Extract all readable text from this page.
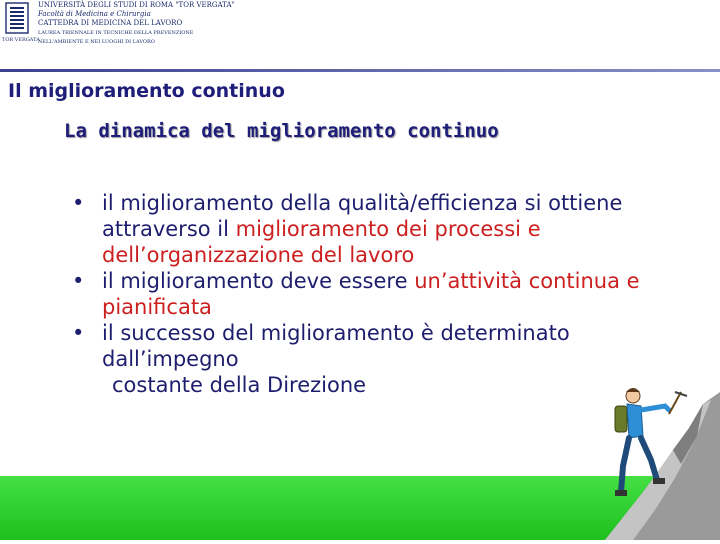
TOR VERGATA
UNIVERSITÀ DEGLI STUDI DI ROMA "TOR VERGATA"
Facoltà di Medicina e Chirurgia
CATTEDRA DI MEDICINA DEL LAVORO
LAUREA TRIENNALE IN TECNICHE DELLA PREVENZIONE
NELL'AMBIENTE E NEI LUOGHI DI LAVORO
Il miglioramento continuo
La dinamica del miglioramento continuo
• il miglioramento della qualità/efficienza si ottiene attraverso il miglioramento dei processi e dell’organizzazione del lavoro
• il miglioramento deve essere un’attività continua e pianificata
• il successo del miglioramento è determinato dall’impegno
costante della Direzione
